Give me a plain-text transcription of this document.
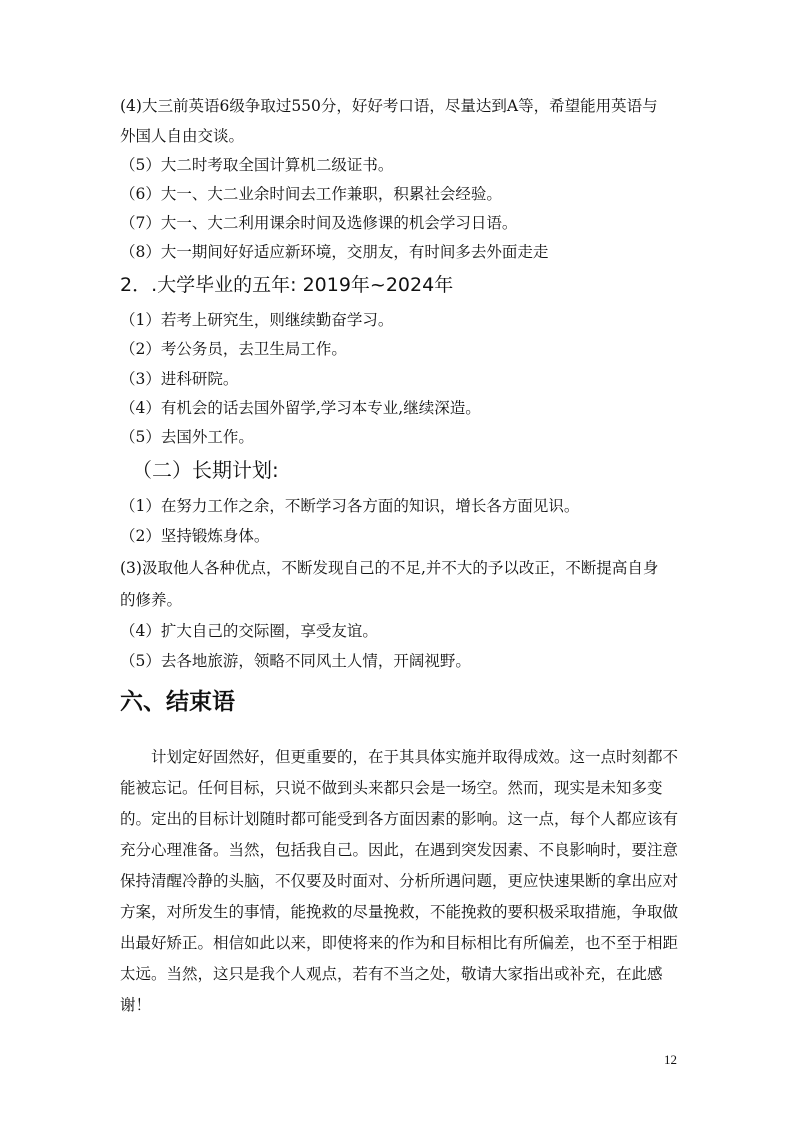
(4)大三前英语6级争取过550分，好好考口语，尽量达到A等，希望能用英语与
外国人自由交谈。
（5）大二时考取全国计算机二级证书。
（6）大一、大二业余时间去工作兼职，积累社会经验。
（7）大一、大二利用课余时间及选修课的机会学习日语。
（8）大一期间好好适应新环境，交朋友，有时间多去外面走走
2．.大学毕业的五年: 2019年~2024年
（1）若考上研究生，则继续勤奋学习。
（2）考公务员，去卫生局工作。
（3）进科研院。
（4）有机会的话去国外留学,学习本专业,继续深造。
（5）去国外工作。
（二）长期计划:
（1）在努力工作之余，不断学习各方面的知识，增长各方面见识。
（2）坚持锻炼身体。
(3)汲取他人各种优点，不断发现自己的不足,并不大的予以改正，不断提高自身
的修养。
（4）扩大自己的交际圈，享受友谊。
（5）去各地旅游，领略不同风土人情，开阔视野。
六、结束语
计划定好固然好，但更重要的，在于其具体实施并取得成效。这一点时刻都不能被忘记。任何目标，只说不做到头来都只会是一场空。然而，现实是未知多变的。定出的目标计划随时都可能受到各方面因素的影响。这一点，每个人都应该有充分心理准备。当然，包括我自己。因此，在遇到突发因素、不良影响时，要注意保持清醒冷静的头脑，不仅要及时面对、分析所遇问题，更应快速果断的拿出应对方案，对所发生的事情，能挽救的尽量挽救，不能挽救的要积极采取措施，争取做出最好矫正。相信如此以来，即使将来的作为和目标相比有所偏差，也不至于相距太远。当然，这只是我个人观点，若有不当之处，敬请大家指出或补充，在此感谢！
12
